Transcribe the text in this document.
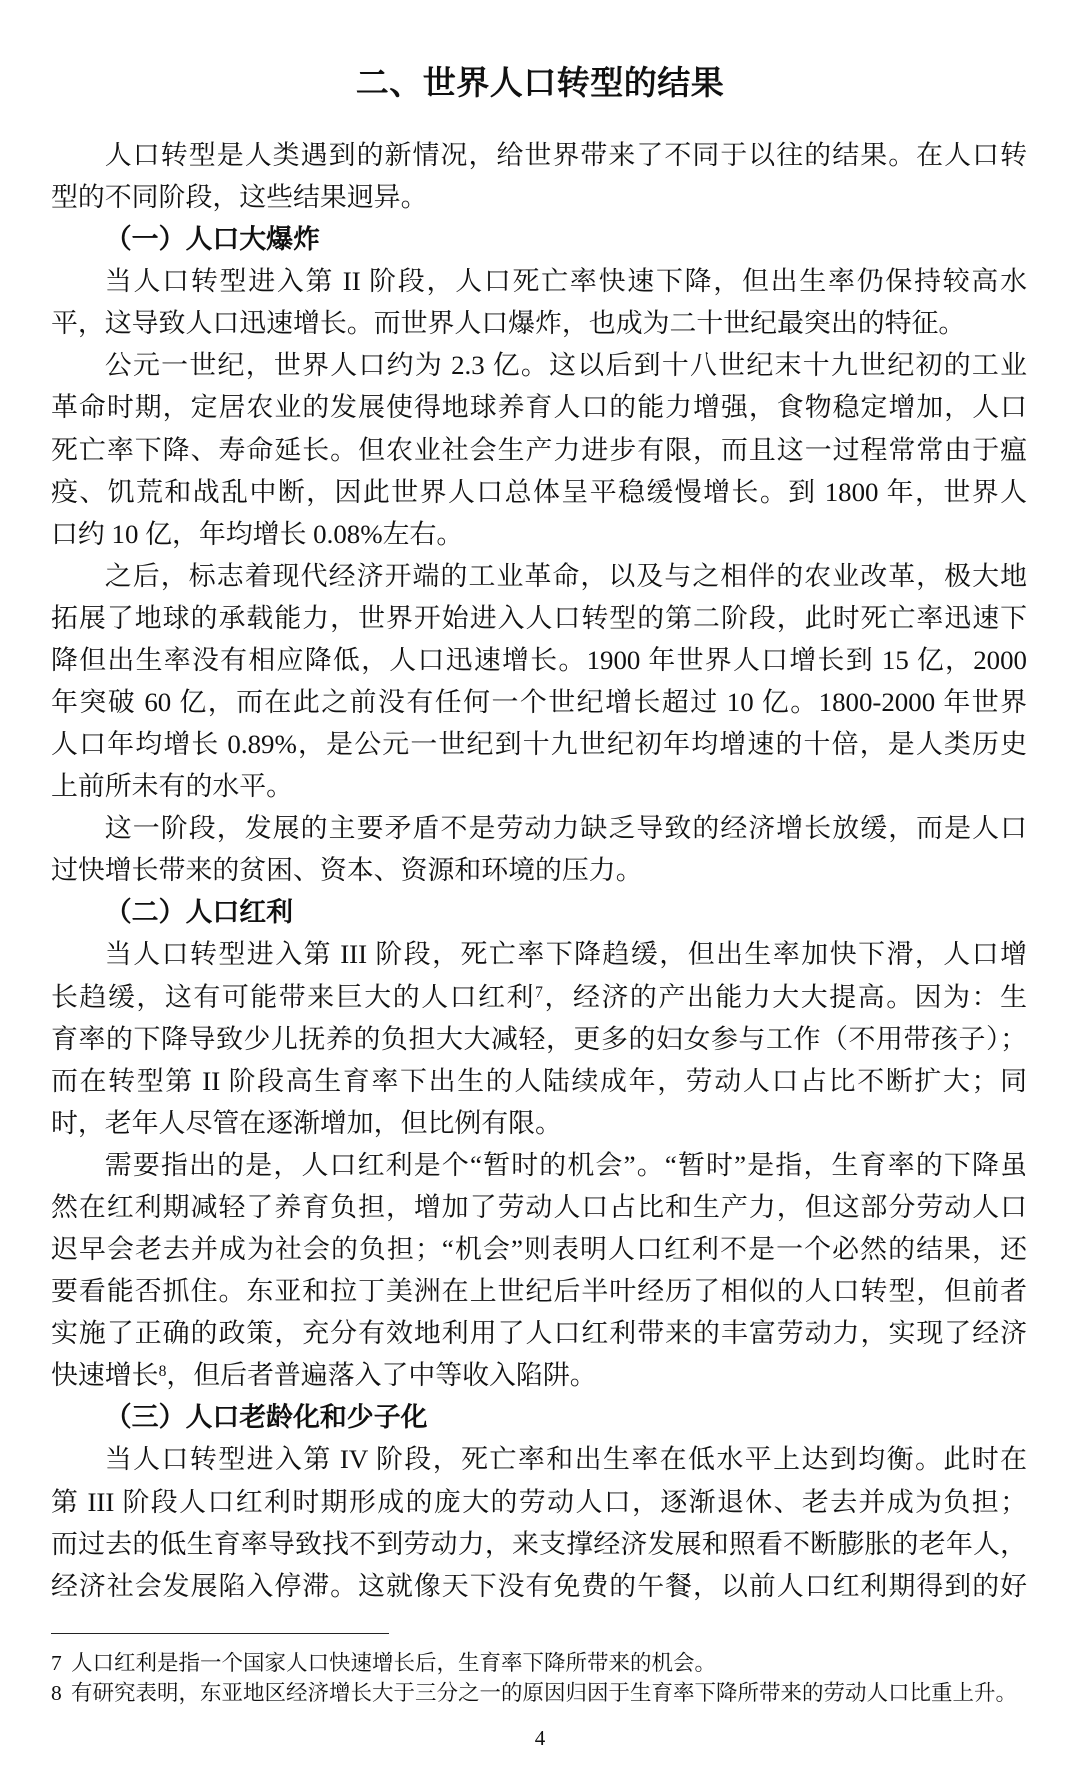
二、世界人口转型的结果
人口转型是人类遇到的新情况，给世界带来了不同于以往的结果。在人口转
型的不同阶段，这些结果迥异。
（一）人口大爆炸
当人口转型进入第 II 阶段，人口死亡率快速下降，但出生率仍保持较高水
平，这导致人口迅速增长。而世界人口爆炸，也成为二十世纪最突出的特征。
公元一世纪，世界人口约为 2.3 亿。这以后到十八世纪末十九世纪初的工业
革命时期，定居农业的发展使得地球养育人口的能力增强，食物稳定增加，人口
死亡率下降、寿命延长。但农业社会生产力进步有限，而且这一过程常常由于瘟
疫、饥荒和战乱中断，因此世界人口总体呈平稳缓慢增长。到 1800 年，世界人
口约 10 亿，年均增长 0.08%左右。
之后，标志着现代经济开端的工业革命，以及与之相伴的农业改革，极大地
拓展了地球的承载能力，世界开始进入人口转型的第二阶段，此时死亡率迅速下
降但出生率没有相应降低，人口迅速增长。1900 年世界人口增长到 15 亿，2000
年突破 60 亿，而在此之前没有任何一个世纪增长超过 10 亿。1800-2000 年世界
人口年均增长 0.89%，是公元一世纪到十九世纪初年均增速的十倍，是人类历史
上前所未有的水平。
这一阶段，发展的主要矛盾不是劳动力缺乏导致的经济增长放缓，而是人口
过快增长带来的贫困、资本、资源和环境的压力。
（二）人口红利
当人口转型进入第 III 阶段，死亡率下降趋缓，但出生率加快下滑，人口增
长趋缓，这有可能带来巨大的人口红利$^7$，经济的产出能力大大提高。因为：生
育率的下降导致少儿抚养的负担大大减轻，更多的妇女参与工作（不用带孩子）；
而在转型第 II 阶段高生育率下出生的人陆续成年，劳动人口占比不断扩大；同
时，老年人尽管在逐渐增加，但比例有限。
需要指出的是，人口红利是个“暂时的机会”。“暂时”是指，生育率的下降虽
然在红利期减轻了养育负担，增加了劳动人口占比和生产力，但这部分劳动人口
迟早会老去并成为社会的负担；“机会”则表明人口红利不是一个必然的结果，还
要看能否抓住。东亚和拉丁美洲在上世纪后半叶经历了相似的人口转型，但前者
实施了正确的政策，充分有效地利用了人口红利带来的丰富劳动力，实现了经济
快速增长$^8$，但后者普遍落入了中等收入陷阱。
（三）人口老龄化和少子化
当人口转型进入第 IV 阶段，死亡率和出生率在低水平上达到均衡。此时在
第 III 阶段人口红利时期形成的庞大的劳动人口，逐渐退休、老去并成为负担；
而过去的低生育率导致找不到劳动力，来支撑经济发展和照看不断膨胀的老年人，
经济社会发展陷入停滞。这就像天下没有免费的午餐，以前人口红利期得到的好
7 人口红利是指一个国家人口快速增长后，生育率下降所带来的机会。
8 有研究表明，东亚地区经济增长大于三分之一的原因归因于生育率下降所带来的劳动人口比重上升。
4
